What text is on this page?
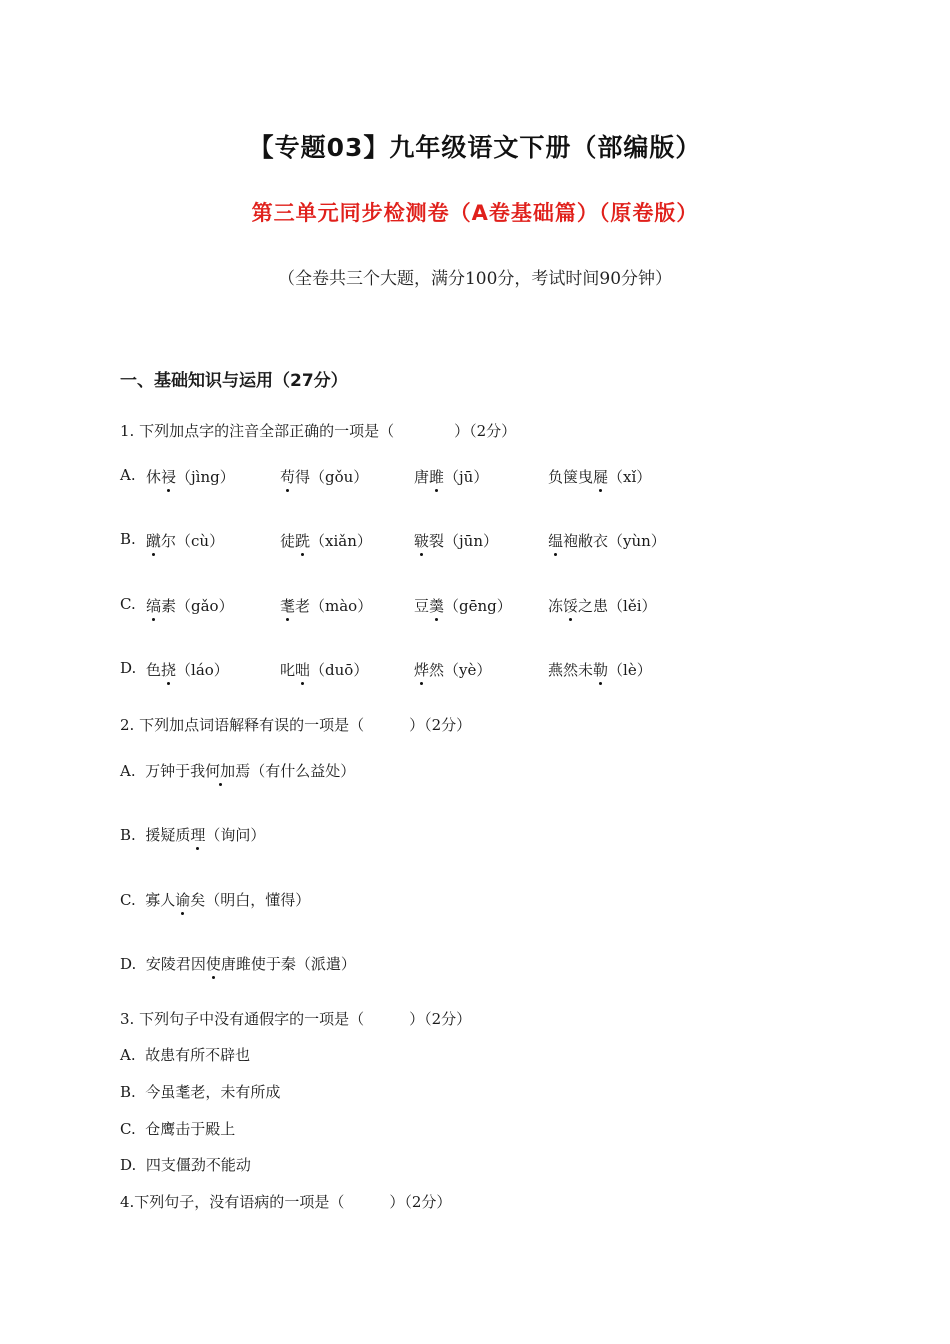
【专题03】九年级语文下册（部编版）
第三单元同步检测卷（A卷基础篇）（原卷版）
（全卷共三个大题，满分100分，考试时间90分钟）
一、基础知识与运用（27分）
1. 下列加点字的注音全部正确的一项是（　　　　）（2分）
A. 休祲（jìng）	苟得（gǒu）	唐雎（jū）	负箧曳屣（xǐ）
B. 蹴尔（cù）	徒跣（xiǎn）	皲裂（jūn）	缊袍敝衣（yùn）
C. 缟素（gǎo）	耄老（mào）	豆羹（gēng） 冻馁之患（lěi）
D. 色挠（láo）	叱咄（duō）	烨然（yè）	燕然未勒（lè）
2. 下列加点词语解释有误的一项是（　　　）（2分）
A. 万钟于我何加焉（有什么益处）
B. 援疑质理（询问）
C. 寡人谕矣（明白，懂得）
D. 安陵君因使唐雎使于秦（派遣）
3. 下列句子中没有通假字的一项是（　　　）（2分）
A. 故患有所不辟也
B. 今虽耄老，未有所成
C. 仓鹰击于殿上
D. 四支僵劲不能动
4.下列句子，没有语病的一项是（　　　）（2分）
